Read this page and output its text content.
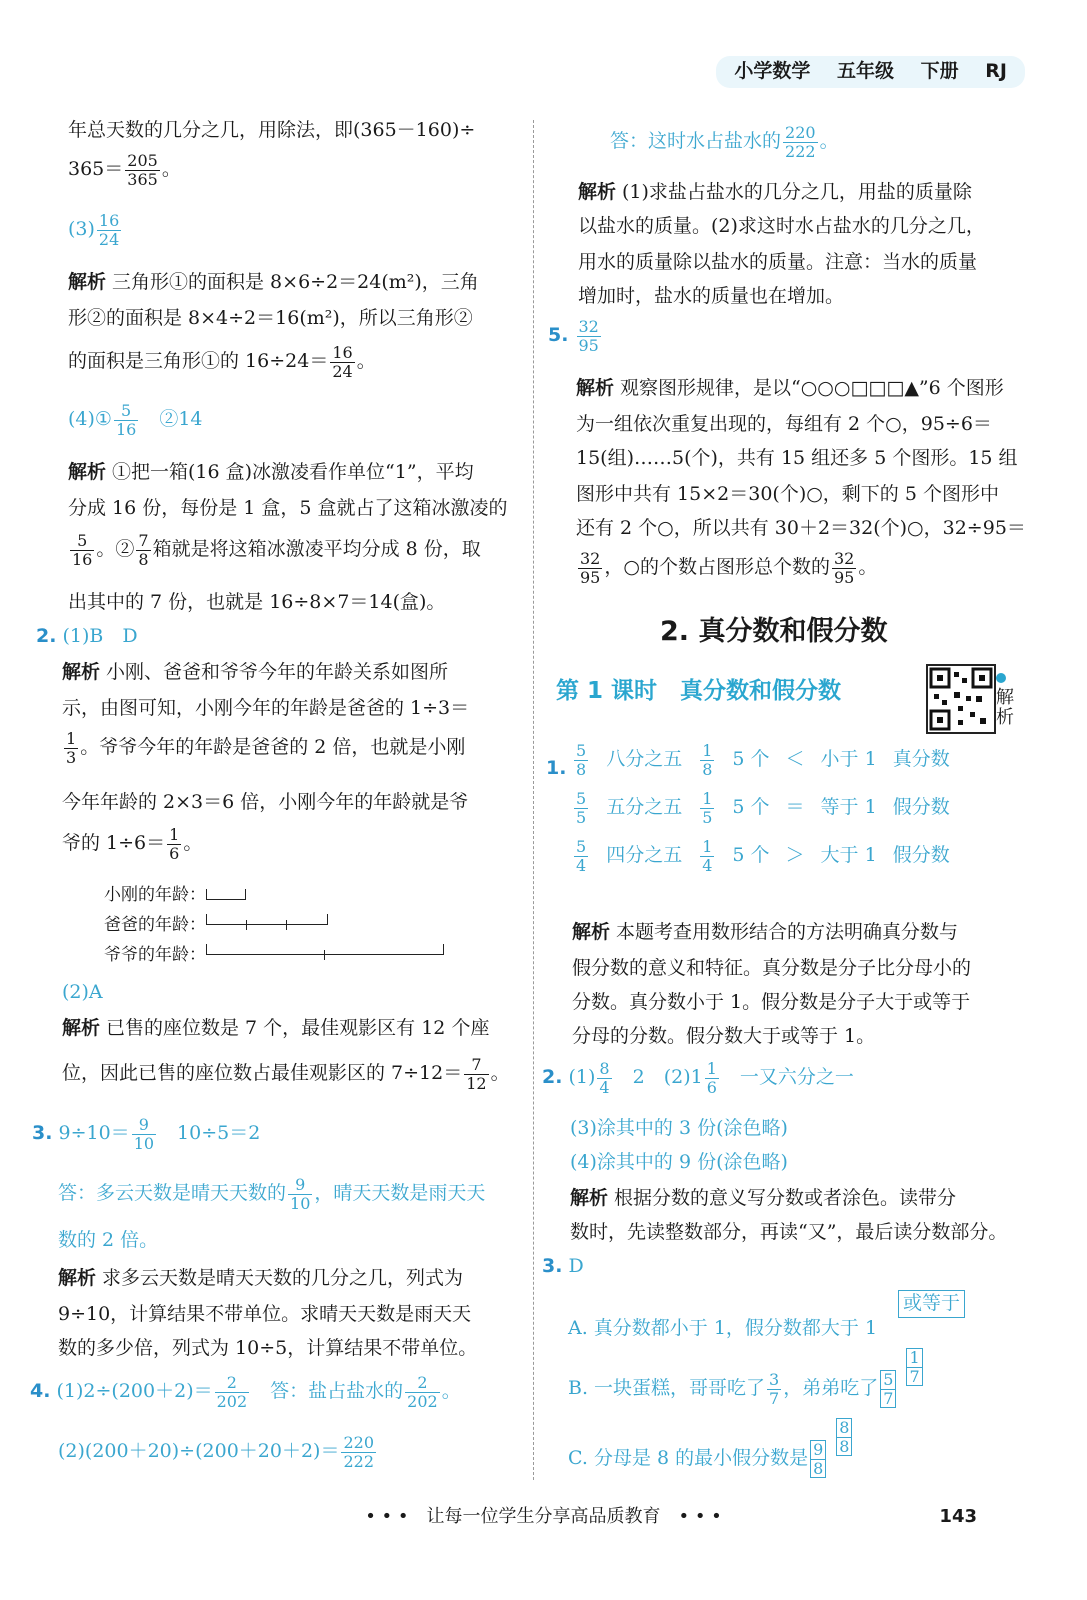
小学数学 五年级 下册 RJ
年总天数的几分之几，用除法，即(365－160)÷
$365= \frac{205}{365}$ 。
$(3) \frac{16}{24}$
解析 三角形①的面积是 8×6÷2＝24(m²)，三角
形②的面积是 8×4÷2＝16(m²)，所以三角形②
的面积是三角形①的 $16\div 24= \frac{16}{24}$ 。
(4)① $\frac{5}{16}$
　 ②14
解析 ①把一箱(16 盒)冰激凌看作单位“1”，平均
分成 16 份，每份是 1 盒，5 盒就占了这箱冰激凌的
$\frac{5}{16}$ 。② $\frac{7}{8}$ 箱就是将这箱冰激凌平均分成 8 份，取
出其中的 7 份，也就是 16÷8×7＝14(盒)。
2. (1)B　D
解析 小刚、爸爸和爷爷今年的年龄关系如图所
示，由图可知，小刚今年的年龄是爸爸的 1÷3＝
$\frac{1}{3}$ 。爷爷今年的年龄是爸爸的 2 倍，也就是小刚
今年年龄的 2×3＝6 倍，小刚今年的年龄就是爷
爷的 $1\div 6= \frac{1}{6}$ 。
小刚的年龄：
爸爸的年龄：
爷爷的年龄：
(2)A
解析 已售的座位数是 7 个，最佳观影区有 12 个座
位，因此已售的座位数占最佳观影区的 $7\div 12= \frac{7}{12}$ 。
3. $9\div 10= \frac{9}{10}$ 　10÷5＝2
答：多云天数是晴天天数的 $\frac{9}{10}$ ，晴天天数是雨天天
数的 2 倍。
解析 求多云天数是晴天天数的几分之几，列式为
9÷10，计算结果不带单位。求晴天天数是雨天天
数的多少倍，列式为 10÷5，计算结果不带单位。
4. $(1)2\div(200+2)= \frac{2}{202}$ 　答：盐占盐水的 $\frac{2}{202}$ 。
$(2)(200+20)\div(200+20+2)= \frac{220}{222}$
答：这时水占盐水的 $\frac{220}{222}$ 。
解析 (1)求盐占盐水的几分之几，用盐的质量除
以盐水的质量。(2)求这时水占盐水的几分之几，
用水的质量除以盐水的质量。注意：当水的质量
增加时，盐水的质量也在增加。
5. $\frac{32}{95}$
解析 观察图形规律，是以“○○○□□□▲”6 个图形
为一组依次重复出现的，每组有 2 个○，95÷6＝
15(组)……5(个)，共有 15 组还多 5 个图形。15 组
图形中共有 15×2＝30(个)○，剩下的 5 个图形中
还有 2 个○，所以共有 30＋2＝32(个)○，32÷95＝
$\frac{32}{95}$ ，○的个数占图形总个数的 $\frac{32}{95}$ 。
2. 真分数和假分数
第 1 课时　真分数和假分数	解析
1. $\frac{5}{8}$	八分之五	$\frac{1}{8}$	5 个	＜	小于 1	真分数

$\frac{5}{5}$	五分之五	$\frac{1}{5}$	5 个	＝	等于 1	假分数

$\frac{5}{4}$	四分之五	$\frac{1}{4}$	5 个	＞	大于 1	假分数
解析 本题考查用数形结合的方法明确真分数与
假分数的意义和特征。真分数是分子比分母小的
分数。真分数小于 1。假分数是分子大于或等于
分母的分数。假分数大于或等于 1。
2. $(1) \frac{8}{4}$ 　2　$(2)1 \frac{1}{6}$ 　一又六分之一
(3)涂其中的 3 份(涂色略)
(4)涂其中的 9 份(涂色略)
解析 根据分数的意义写分数或者涂色。读带分
数时，先读整数部分，再读“又”，最后读分数部分。
3. D
A. 真分数都小于 1，假分数都大于 1
或等于
B. 一块蛋糕，哥哥吃了 $\frac{3}{7}$ ，弟弟吃了 $\frac{5}{7}$
$\frac{1}{7}$
C. 分母是 8 的最小假分数是 $\frac{9}{8}$
$\frac{8}{8}$
• • •　让每一位学生分享高品质教育　• • •	143
